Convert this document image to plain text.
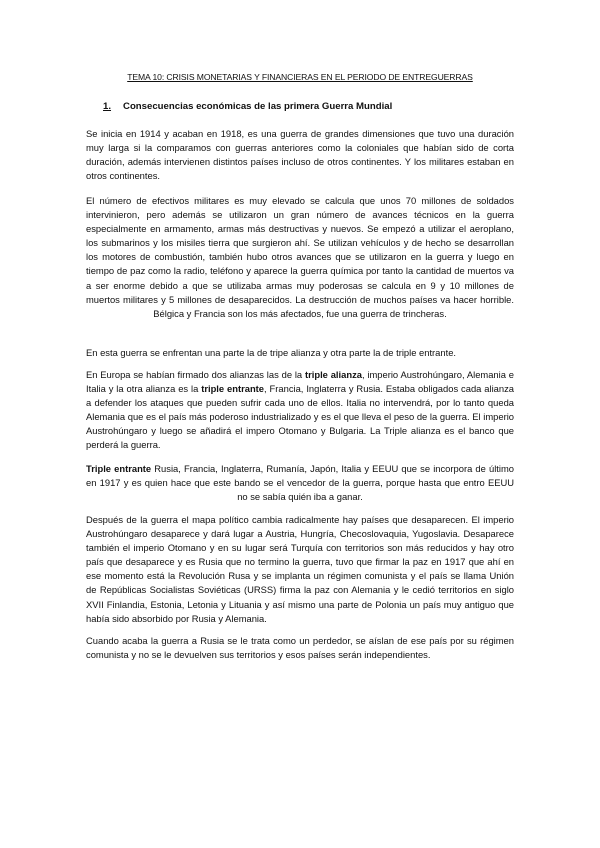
TEMA 10: CRISIS MONETARIAS Y FINANCIERAS EN EL PERIODO DE ENTREGUERRAS
1. Consecuencias económicas de las primera Guerra Mundial

Se inicia en 1914 y acaban en 1918, es una guerra de grandes dimensiones que tuvo una duración muy larga si la comparamos con guerras anteriores como la coloniales que habían sido de corta duración, además intervienen distintos países incluso de otros continentes. Y los militares estaban en otros continentes.

El número de efectivos militares es muy elevado se calcula que unos 70 millones de soldados intervinieron, pero además se utilizaron un gran número de avances técnicos en la guerra especialmente en armamento, armas más destructivas y nuevos. Se empezó a utilizar el aeroplano, los submarinos y los misiles tierra que surgieron ahí. Se utilizan vehículos y de hecho se desarrollan los motores de combustión, también hubo otros avances que se utilizaron en la guerra y luego en tiempo de paz como la radio, teléfono y aparece la guerra química por tanto la cantidad de muertos va a ser enorme debido a que se utilizaba armas muy poderosas se calcula en 9 y 10 millones de muertos militares y 5 millones de desaparecidos. La destrucción de muchos países va hacer horrible. Bélgica y Francia son los más afectados, fue una guerra de trincheras.

En esta guerra se enfrentan una parte la de tripe alianza y otra parte la de triple entrante.

En Europa se habían firmado dos alianzas las de la triple alianza, imperio Austrohúngaro, Alemania e Italia y la otra alianza es la triple entrante, Francia, Inglaterra y Rusia. Estaba obligados cada alianza a defender los ataques que pueden sufrir cada uno de ellos. Italia no intervendrá, por lo tanto queda Alemania que es el país más poderoso industrializado y es el que lleva el peso de la guerra. El imperio Austrohúngaro y luego se añadirá el impero Otomano y Bulgaria. La Triple alianza es el banco que perderá la guerra.

Triple entrante Rusia, Francia, Inglaterra, Rumanía, Japón, Italia y EEUU que se incorpora de último en 1917 y es quien hace que este bando se el vencedor de la guerra, porque hasta que entro EEUU no se sabía quién iba a ganar.

Después de la guerra el mapa político cambia radicalmente hay países que desaparecen. El imperio Austrohúngaro desaparece y dará lugar a Austria, Hungría, Checoslovaquia, Yugoslavia. Desaparece también el imperio Otomano y en su lugar será Turquía con territorios son más reducidos y hay otro país que desaparece y es Rusia que no termino la guerra, tuvo que firmar la paz en 1917 que ahí en ese momento está la Revolución Rusa y se implanta un régimen comunista y el país se llama Unión de Repúblicas Socialistas Soviéticas (URSS) firma la paz con Alemania y le cedió territorios en siglo XVII Finlandia, Estonia, Letonia y Lituania y así mismo una parte de Polonia un país muy antiguo que había sido absorbido por Rusia y Alemania.

Cuando acaba la guerra a Rusia se le trata como un perdedor, se aíslan de ese país por su régimen comunista y no se le devuelven sus territorios y esos países serán independientes.
